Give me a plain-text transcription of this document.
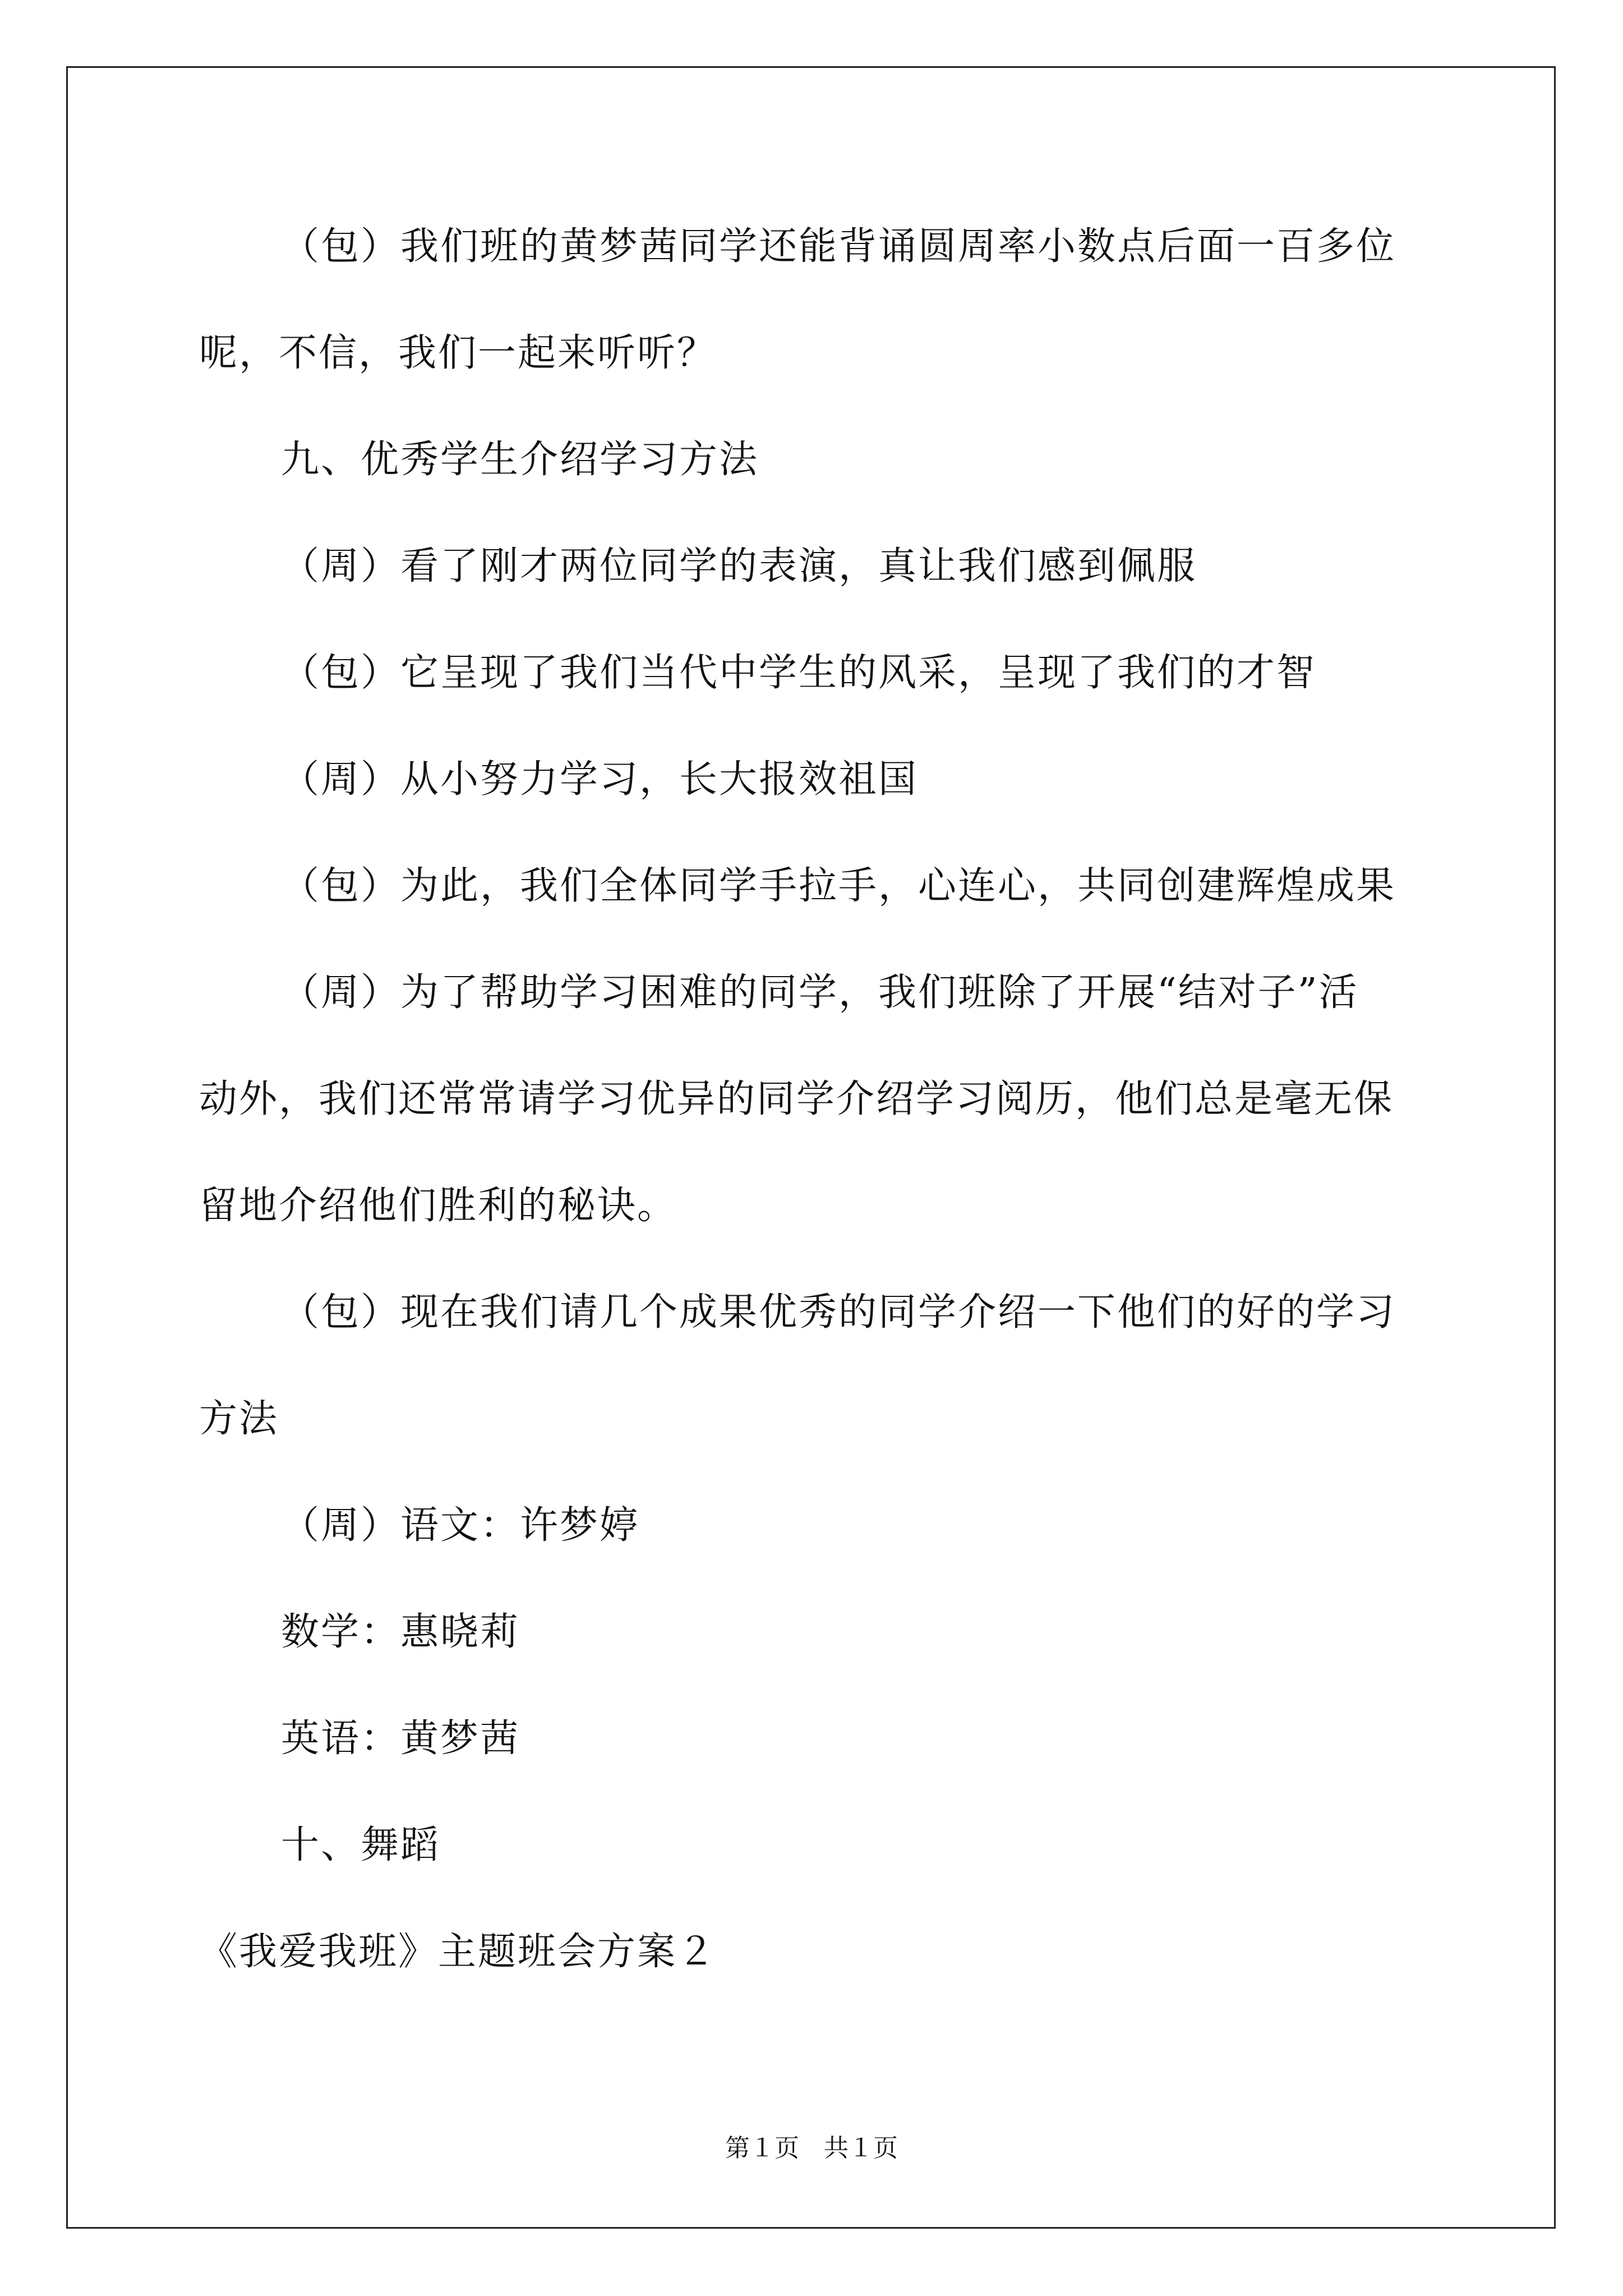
（包）我们班的黄梦茜同学还能背诵圆周率小数点后面一百多位
呢，不信，我们一起来听听？
九、优秀学生介绍学习方法
（周）看了刚才两位同学的表演，真让我们感到佩服
（包）它呈现了我们当代中学生的风采，呈现了我们的才智
（周）从小努力学习，长大报效祖国
（包）为此，我们全体同学手拉手，心连心，共同创建辉煌成果
（周）为了帮助学习困难的同学，我们班除了开展“结对子”活
动外，我们还常常请学习优异的同学介绍学习阅历，他们总是毫无保
留地介绍他们胜利的秘诀。
（包）现在我们请几个成果优秀的同学介绍一下他们的好的学习
方法
（周）语文：许梦婷
数学：惠晓莉
英语：黄梦茜
十、舞蹈
《我爱我班》主题班会方案２
第１页　共１页
